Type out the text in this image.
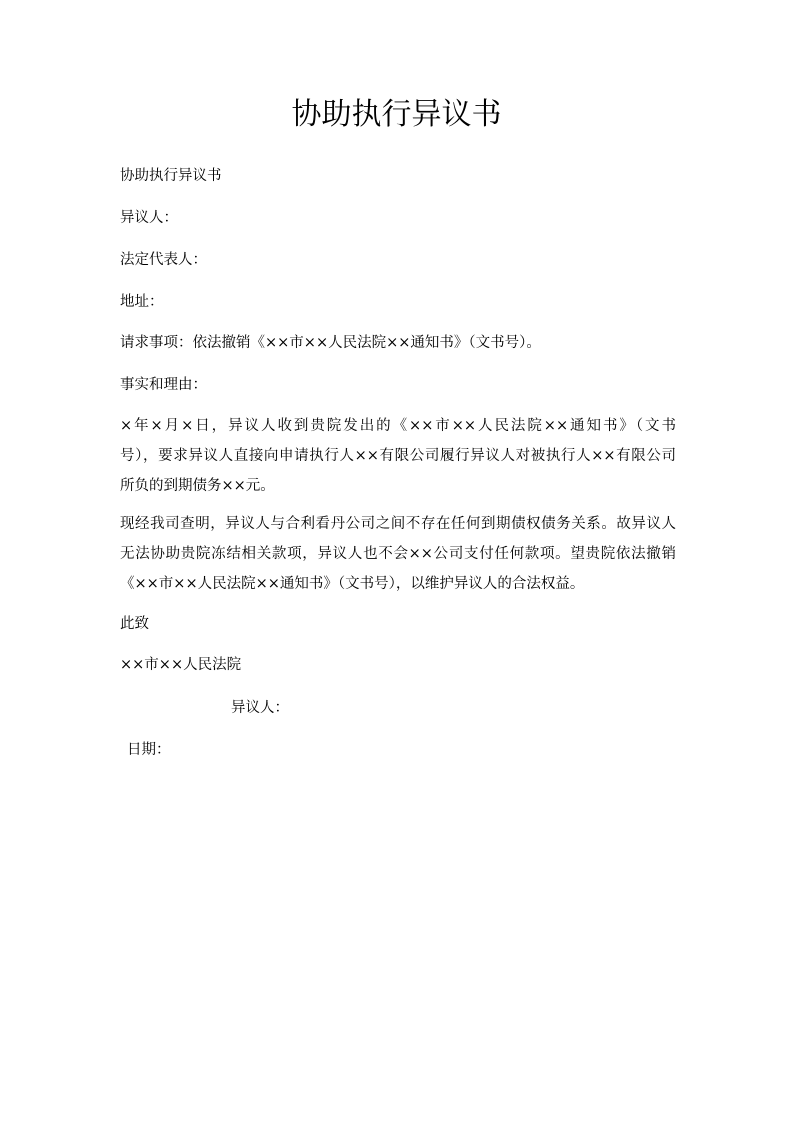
协助执行异议书

协助执行异议书

异议人：

法定代表人：

地址：

请求事项：依法撤销《××市××人民法院××通知书》（文书号）。

事实和理由：

×年×月×日，异议人收到贵院发出的《××市××人民法院××通知书》（文书
号），要求异议人直接向申请执行人××有限公司履行异议人对被执行人××有限公司
所负的到期债务××元。
现经我司查明，异议人与合利看丹公司之间不存在任何到期债权债务关系。故异议人
无法协助贵院冻结相关款项，异议人也不会××公司支付任何款项。望贵院依法撤销
《××市××人民法院××通知书》（文书号），以维护异议人的合法权益。

此致

××市××人民法院

异议人：

日期：
